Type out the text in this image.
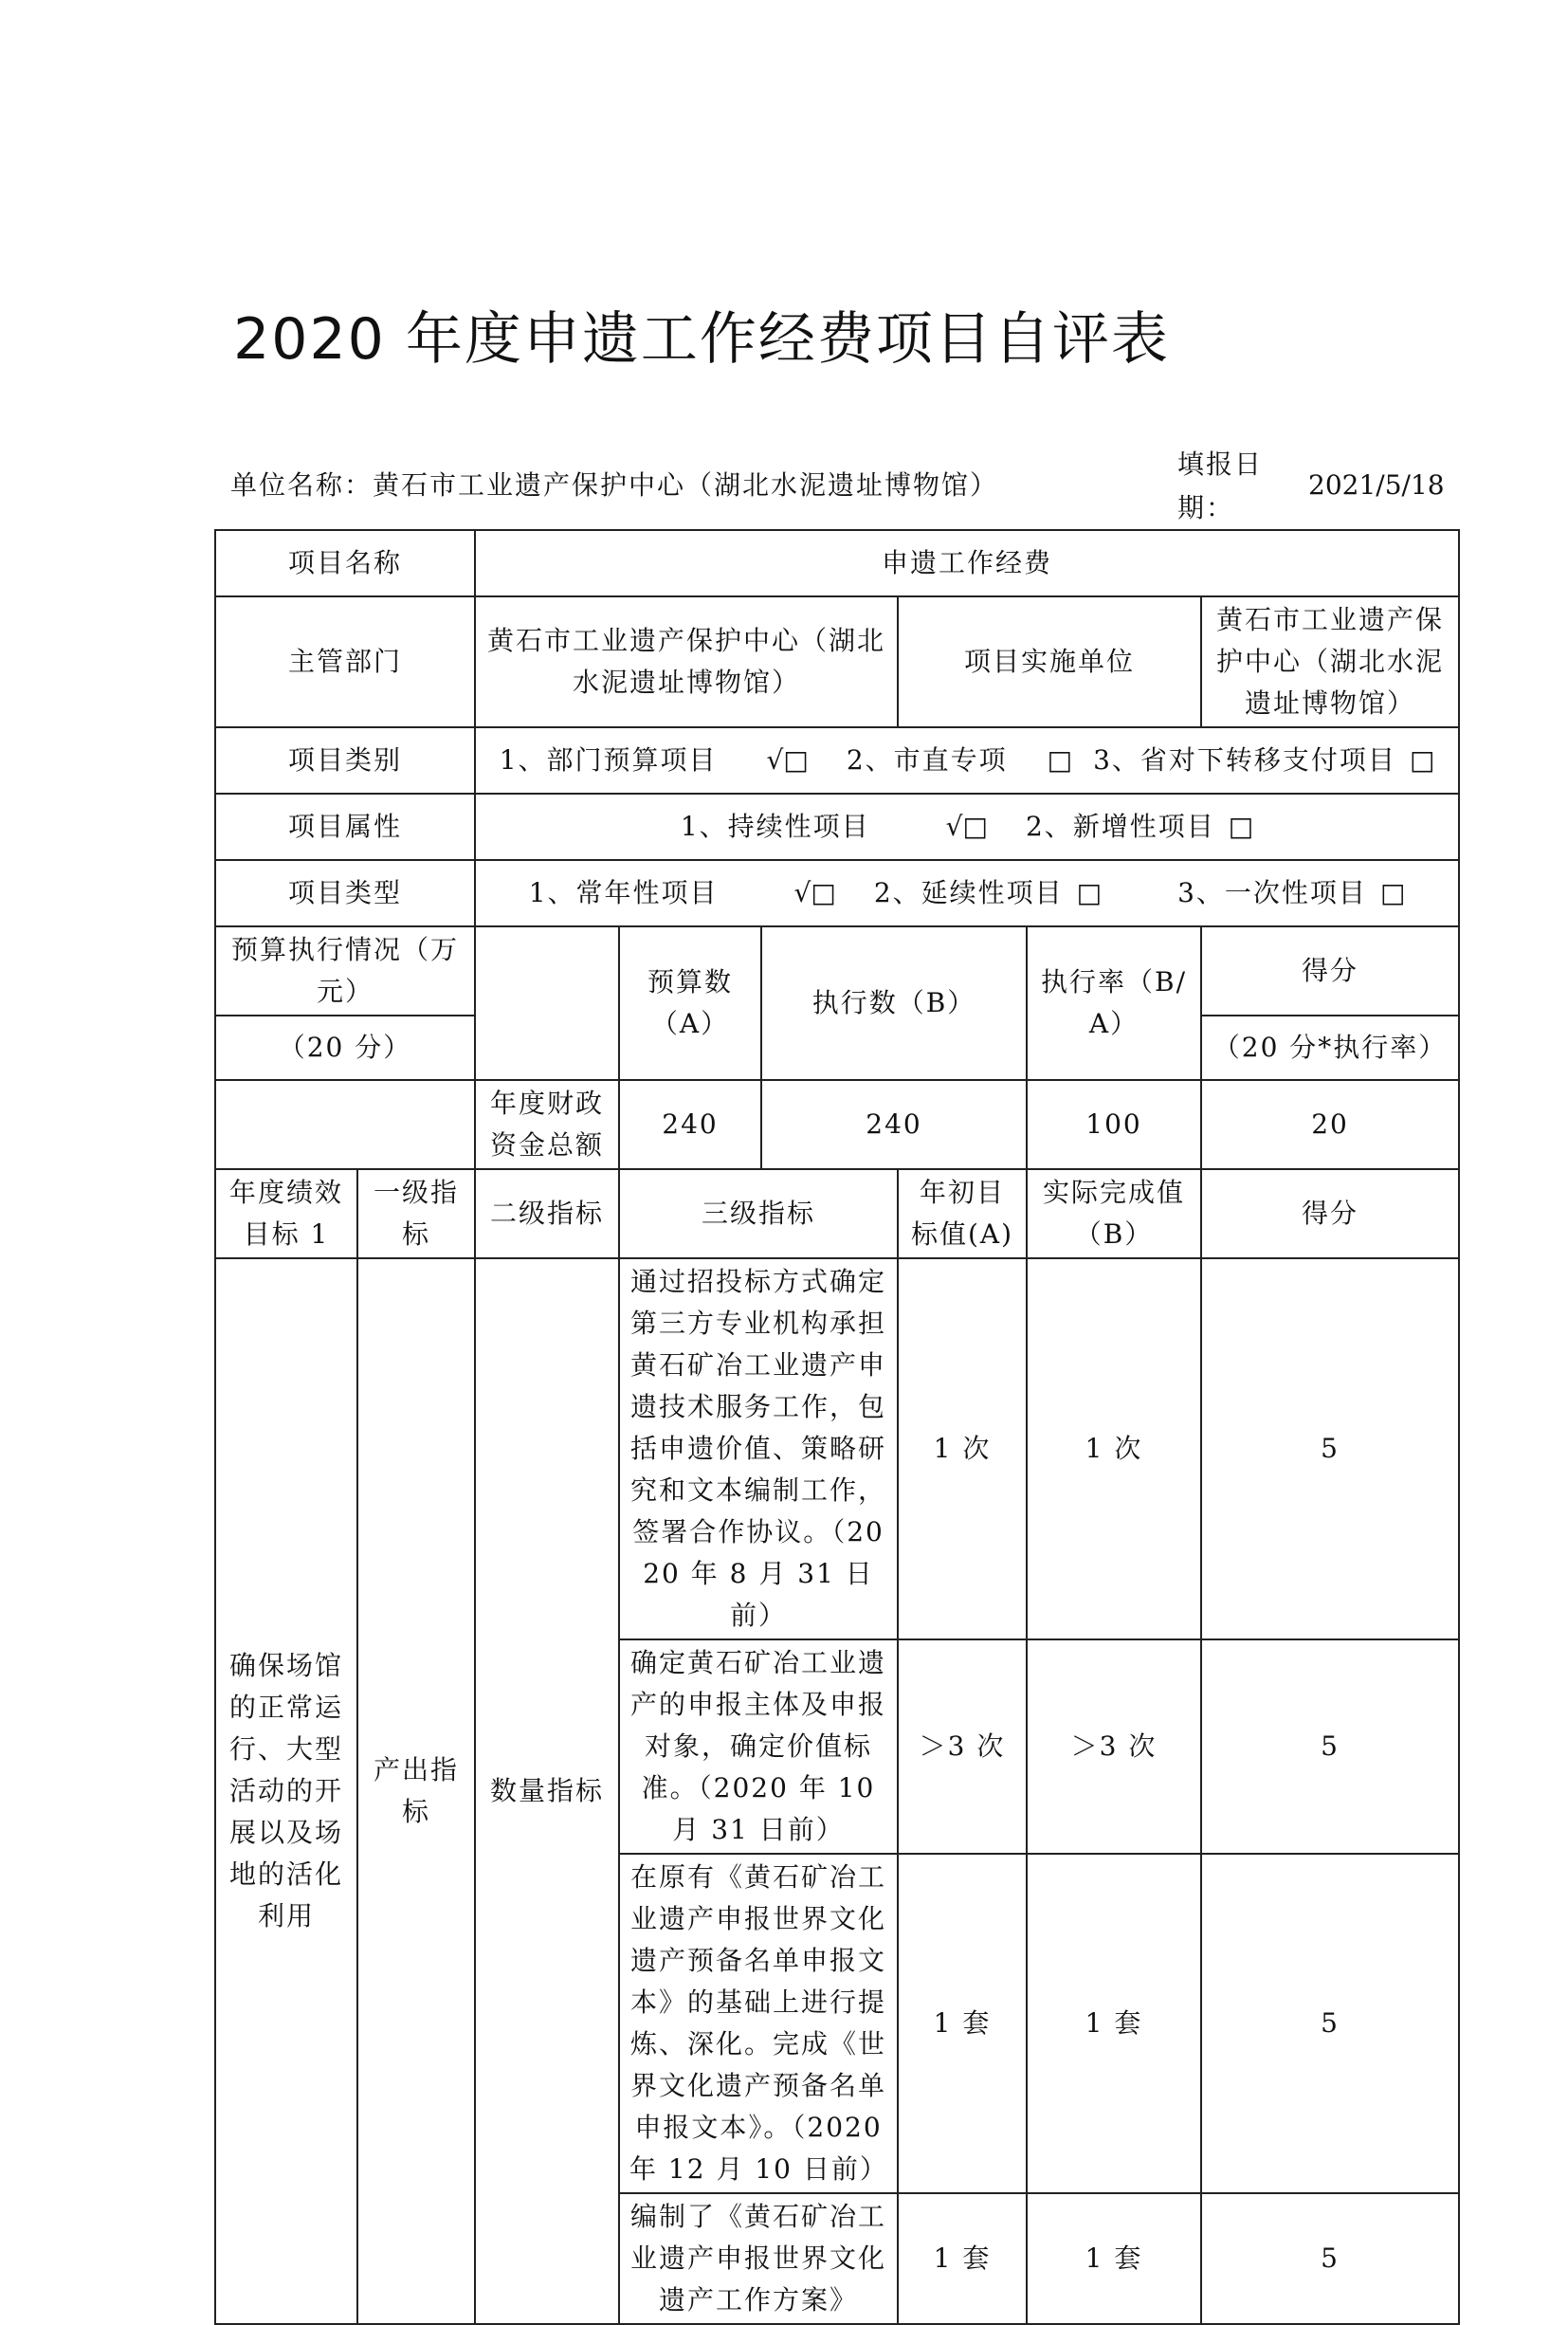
2020 年度申遗工作经费项目自评表
单位名称：黄石市工业遗产保护中心（湖北水泥遗址博物馆）
填报日期：
2021/5/18
项目名称		申遗工作经费					
主管部门		黄石市工业遗产保护中心（湖北水泥遗址博物馆）			项目实施单位		黄石市工业遗产保护中心（湖北水泥遗址博物馆）
项目类别		1、部门预算项目 √□ 2、市直专项 □ 3、省对下转移支付项目 □					
项目属性		1、持续性项目 √□ 2、新增性项目 □					
项目类型		1、常年性项目 √□ 2、延续性项目 □ 3、一次性项目 □					
预算执行情况（万元）			预算数（A）	执行数（B）		执行率（B/A）	得分
（20 分）							（20 分*执行率）
		年度财政资金总额	240	240		100	20
年度绩效目标 1	一级指标	二级指标	三级指标		年初目标值(A)	实际完成值（B）	得分
确保场馆的正常运行、大型活动的开展以及场地的活化利用	产出指标	数量指标	通过招投标方式确定第三方专业机构承担黄石矿冶工业遗产申遗技术服务工作，包括申遗价值、策略研究和文本编制工作，签署合作协议。（2020 年 8 月 31 日前）		1 次	1 次	5
			确定黄石矿冶工业遗产的申报主体及申报对象，确定价值标准。（2020 年 10 月 31 日前）		＞3 次	＞3 次	5
			在原有《黄石矿冶工业遗产申报世界文化遗产预备名单申报文本》的基础上进行提炼、深化。完成《世界文化遗产预备名单申报文本》。（2020 年 12 月 10 日前）		1 套	1 套	5
			编制了《黄石矿冶工业遗产申报世界文化遗产工作方案》		1 套	1 套	5
